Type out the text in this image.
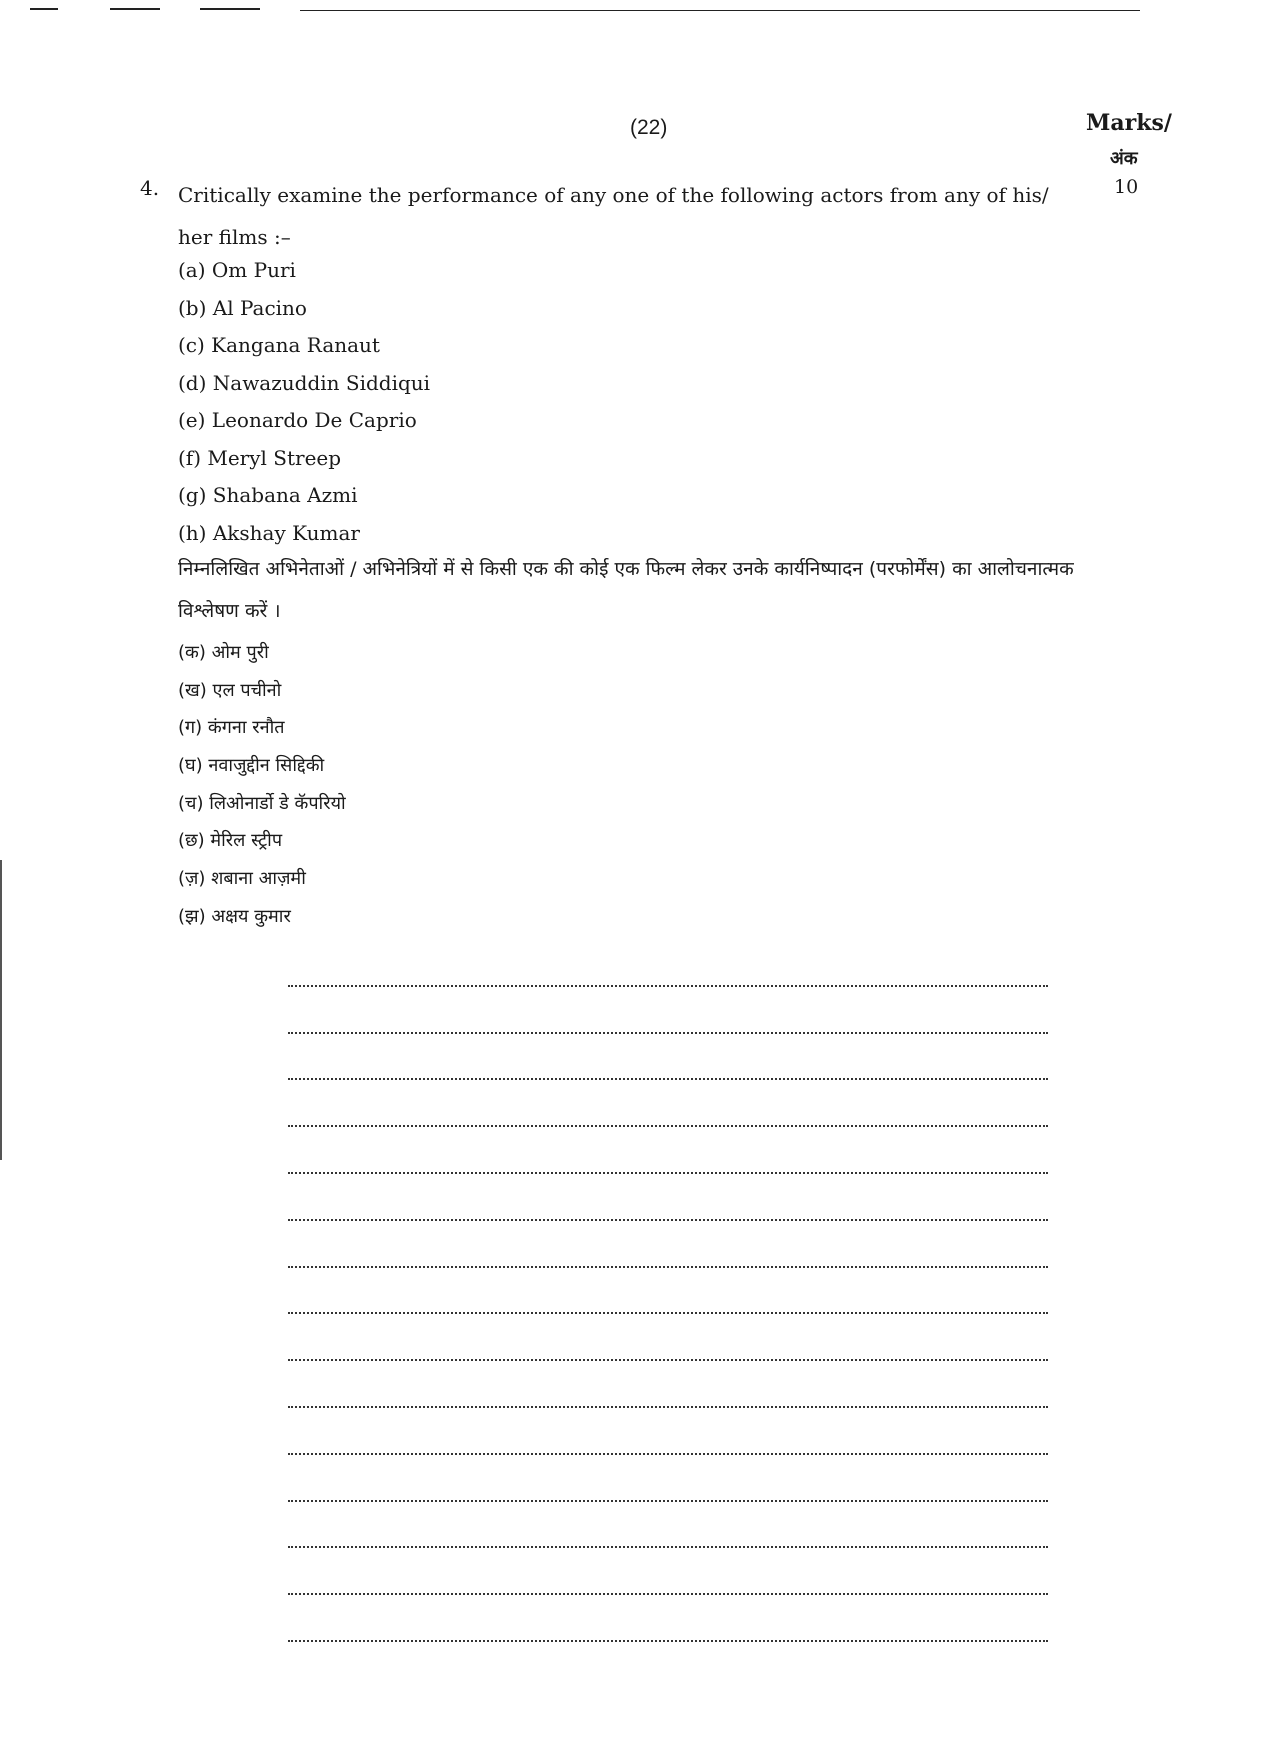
(22)	Marks/
अंक
10
4. Critically examine the performance of any one of the following actors from any of his/ her films :–
(a) Om Puri
(b) Al Pacino
(c) Kangana Ranaut
(d) Nawazuddin Siddiqui
(e) Leonardo De Caprio
(f) Meryl Streep
(g) Shabana Azmi
(h) Akshay Kumar
निम्नलिखित अभिनेताओं / अभिनेत्रियों में से किसी एक की कोई एक फिल्म लेकर उनके कार्यनिष्पादन (परफोर्मेंस) का आलोचनात्मक विश्लेषण करें ।
(क) ओम पुरी
(ख) एल पचीनो
(ग) कंगना रनौत
(घ) नवाजुद्दीन सिद्दिकी
(च) लिओनार्डो डे कॅपरियो
(छ) मेरिल स्ट्रीप
(ज़) शबाना आज़मी
(झ) अक्षय कुमार
